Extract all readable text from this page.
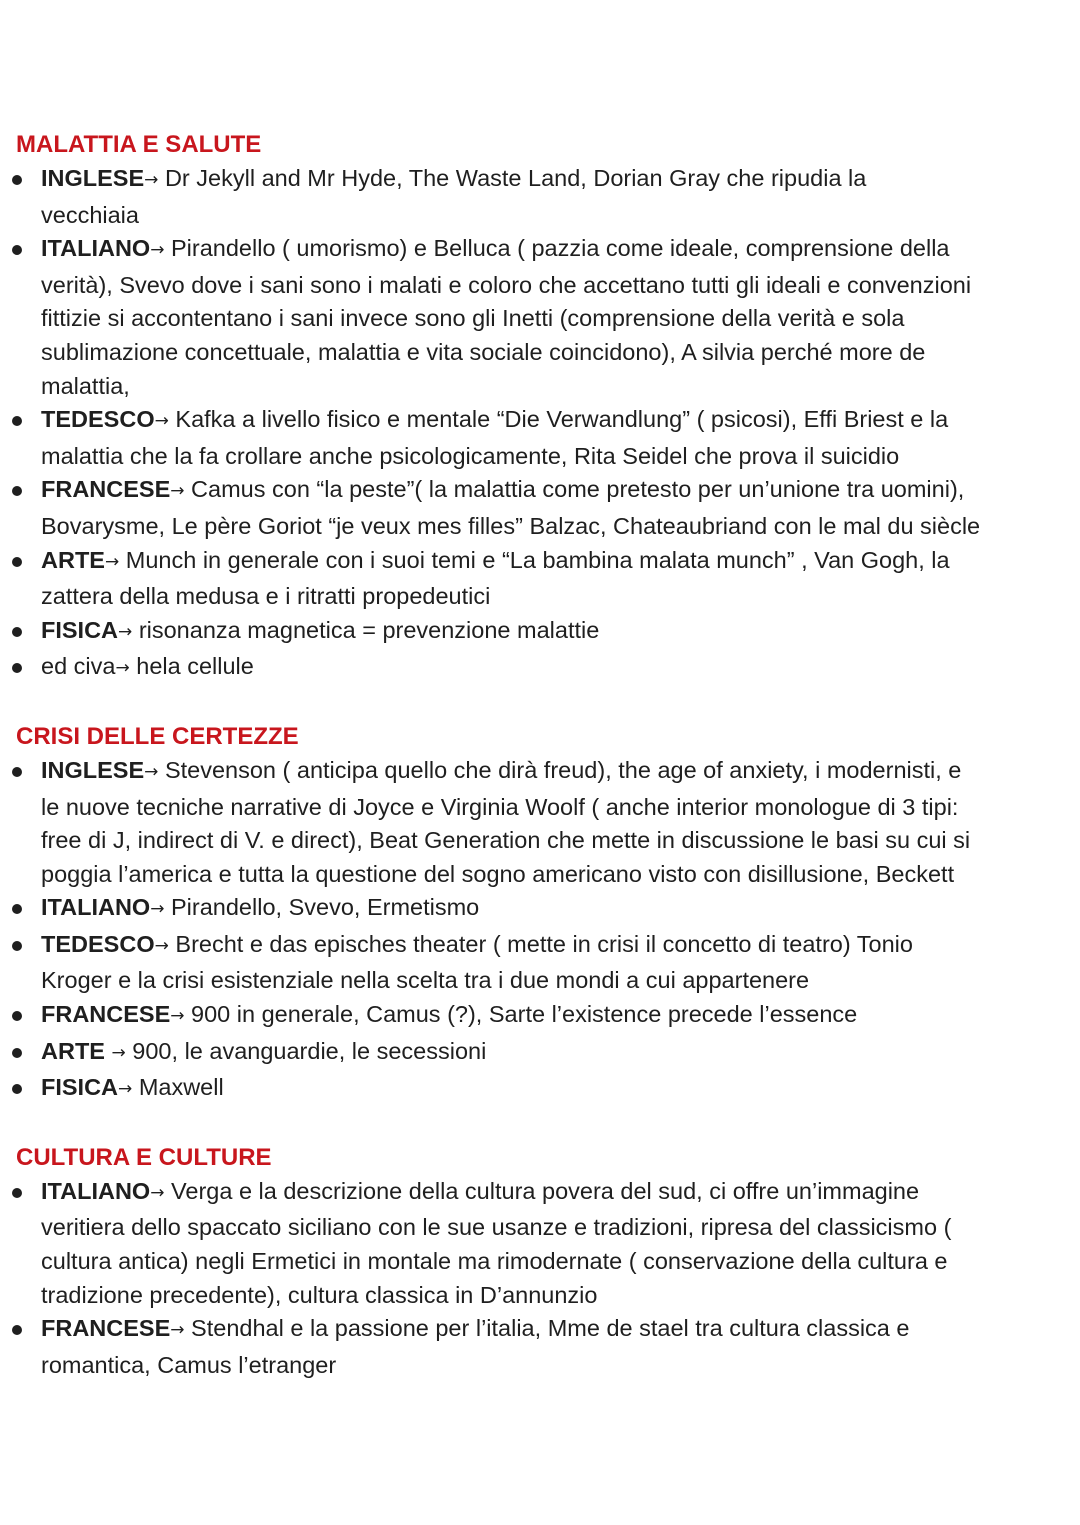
MALATTIA E SALUTE
INGLESE→ Dr Jekyll and Mr Hyde, The Waste Land, Dorian Gray che ripudia la
vecchiaia
ITALIANO→ Pirandello ( umorismo) e Belluca ( pazzia come ideale, comprensione della
verità), Svevo dove i sani sono i malati e coloro che accettano tutti gli ideali e convenzioni
fittizie si accontentano i sani invece sono gli Inetti (comprensione della verità e sola
sublimazione concettuale, malattia e vita sociale coincidono), A silvia perché more de
malattia,
TEDESCO→ Kafka a livello fisico e mentale “Die Verwandlung” ( psicosi), Effi Briest e la
malattia che la fa crollare anche psicologicamente, Rita Seidel che prova il suicidio
FRANCESE→ Camus con “la peste”( la malattia come pretesto per un’unione tra uomini),
Bovarysme, Le père Goriot “je veux mes filles” Balzac, Chateaubriand con le mal du siècle
ARTE→ Munch in generale con i suoi temi e “La bambina malata munch” , Van Gogh, la
zattera della medusa e i ritratti propedeutici
FISICA→ risonanza magnetica = prevenzione malattie
ed civa→ hela cellule
CRISI DELLE CERTEZZE
INGLESE→ Stevenson ( anticipa quello che dirà freud), the age of anxiety, i modernisti, e
le nuove tecniche narrative di Joyce e Virginia Woolf ( anche interior monologue di 3 tipi:
free di J, indirect di V. e direct), Beat Generation che mette in discussione le basi su cui si
poggia l’america e tutta la questione del sogno americano visto con disillusione, Beckett
ITALIANO→ Pirandello, Svevo, Ermetismo
TEDESCO→ Brecht e das episches theater ( mette in crisi il concetto di teatro) Tonio
Kroger e la crisi esistenziale nella scelta tra i due mondi a cui appartenere
FRANCESE→ 900 in generale, Camus (?), Sarte l’existence precede l’essence
ARTE → 900, le avanguardie, le secessioni
FISICA→ Maxwell
CULTURA E CULTURE
ITALIANO→ Verga e la descrizione della cultura povera del sud, ci offre un’immagine
veritiera dello spaccato siciliano con le sue usanze e tradizioni, ripresa del classicismo (
cultura antica) negli Ermetici in montale ma rimodernate ( conservazione della cultura e
tradizione precedente), cultura classica in D’annunzio
FRANCESE→ Stendhal e la passione per l’italia, Mme de stael tra cultura classica e
romantica, Camus l’etranger
